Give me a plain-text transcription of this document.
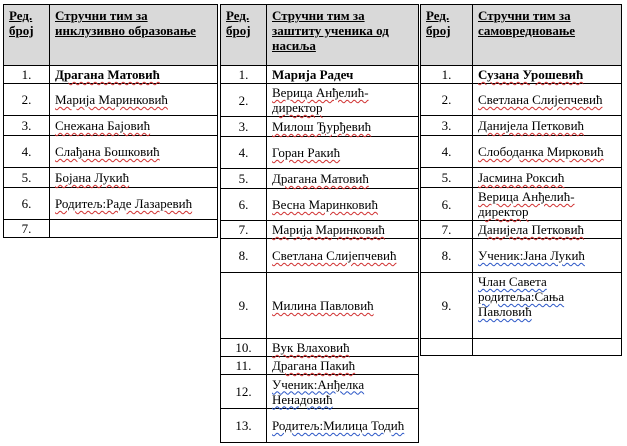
Ред. број	Стручни тим за инклузивно образовање
1.	Драгана Матовић
2.	Марија Маринковић
3.	Снежана Бајовић
4.	Слађана Бошковић
5.	Бојана Лукић
6.	Родитељ:Раде Лазаревић
7.	
Ред. број	Стручни тим за заштиту ученика од насиља
1.	Марија Радеч
2.	Верица Анђелић-директор
3.	Милош Ђурђевић
4.	Горан Ракић
5.	Драгана Матовић
6.	Весна Маринковић
7.	Марија Маринковић
8.	Светлана Слијепчевић
9.	Милина Павловић
10.	Вук Влаховић
11.	Драгана Пакић
12.	Ученик:Анђелка Ненадовић
13.	Родитељ:Милица Тодић
Ред. број	Стручни тим за самовредновање
1.	Сузана Урошевић
2.	Светлана Слијепчевић
3.	Данијела Петковић
4.	Слободанка Мирковић
5.	Јасмина Роксић
6.	Верица Анђелић-директор
7.	Данијела Петковић
8.	Ученик:Јана Лукић
9.	Члан Савета родитеља:Сања Павловић
